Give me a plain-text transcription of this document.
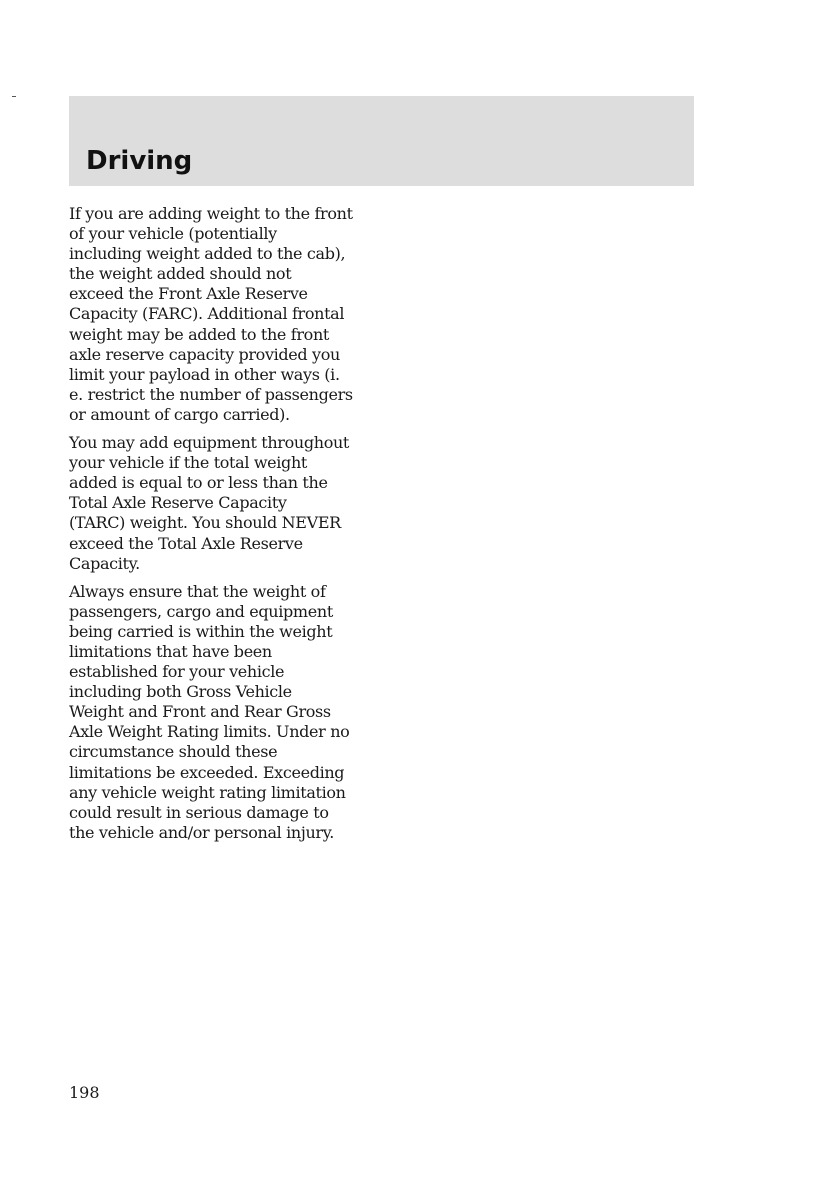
Driving

If you are adding weight to the front
of your vehicle (potentially
including weight added to the cab),
the weight added should not
exceed the Front Axle Reserve
Capacity (FARC). Additional frontal
weight may be added to the front
axle reserve capacity provided you
limit your payload in other ways (i.
e. restrict the number of passengers
or amount of cargo carried).

You may add equipment throughout
your vehicle if the total weight
added is equal to or less than the
Total Axle Reserve Capacity
(TARC) weight. You should NEVER
exceed the Total Axle Reserve
Capacity.

Always ensure that the weight of
passengers, cargo and equipment
being carried is within the weight
limitations that have been
established for your vehicle
including both Gross Vehicle
Weight and Front and Rear Gross
Axle Weight Rating limits. Under no
circumstance should these
limitations be exceeded. Exceeding
any vehicle weight rating limitation
could result in serious damage to
the vehicle and/or personal injury.

198
